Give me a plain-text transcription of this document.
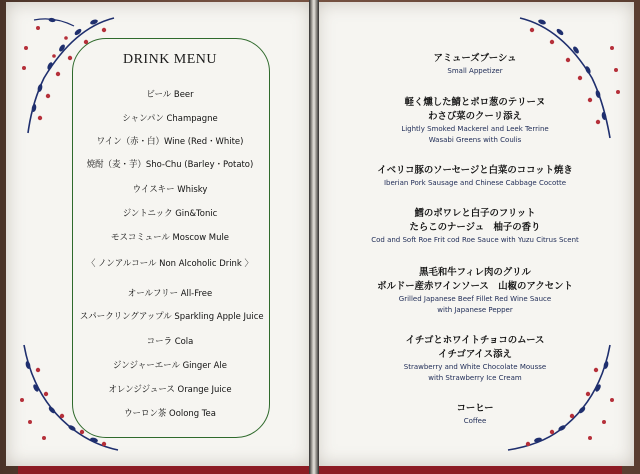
DRINK MENU
ビール Beer
シャンパン Champagne
ワイン（赤・白）Wine (Red・White)
焼酎（麦・芋）Sho-Chu (Barley・Potato)
ウイスキー Whisky
ジントニック Gin&Tonic
モスコミュール Moscow Mule
〈 ノンアルコール Non Alcoholic Drink 〉
オールフリー All-Free
スパークリングアップル Sparkling Apple Juice
コーラ Cola
ジンジャーエール Ginger Ale
オレンジジュース Orange Juice
ウーロン茶 Oolong Tea
アミューズブーシュ
Small Appetizer
軽く燻した鯖とポロ葱のテリーヌ
わさび菜のクーリ添え
Lightly Smoked Mackerel and Leek Terrine
Wasabi Greens with Coulis
イベリコ豚のソーセージと白菜のココット焼き
Iberian Pork Sausage and Chinese Cabbage Cocotte
鱈のポワレと白子のフリット
たらこのナージュ　柚子の香り
Cod and Soft Roe Frit cod Roe Sauce with Yuzu Citrus Scent
黒毛和牛フィレ肉のグリル
ボルドー産赤ワインソース　山椒のアクセント
Grilled Japanese Beef Fillet Red Wine Sauce
with Japanese Pepper
イチゴとホワイトチョコのムース
イチゴアイス添え
Strawberry and White Chocolate Mousse
with Strawberry Ice Cream
コーヒー
Coffee
